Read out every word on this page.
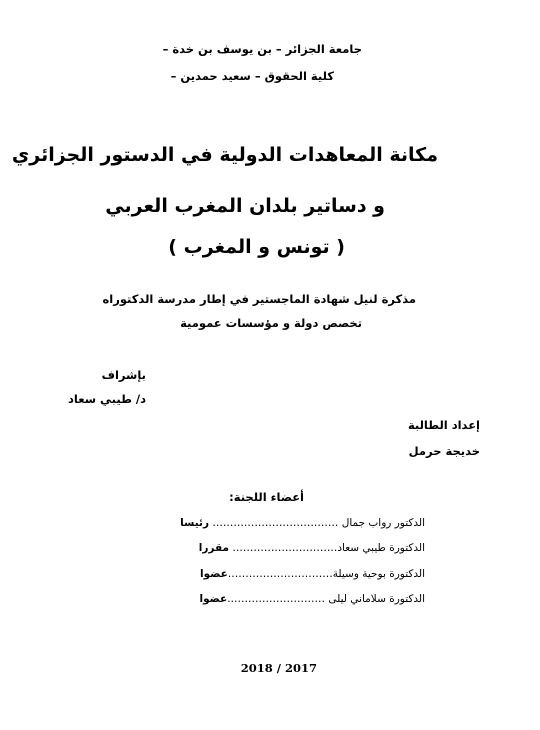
جامعة الجزائر – بن يوسف بن خدة –
كلية الحقوق – سعيد حمدين –
مكانة المعاهدات الدولية في الدستور الجزائري
و دساتير بلدان المغرب العربي
( تونس و المغرب )
مذكرة لنيل شهادة الماجستير في إطار مدرسة الدكتوراه
تخصص دولة و مؤسسات عمومية
بإشراف
د/ طيبي سعاد
إعداد الطالبة
خديجة حرمل
أعضاء اللجنة:
الدكتور رواب جمال ……………………………… رئيسا
الدكتورة طيبي سعاد………………………… مقررا
الدكتورة بوحية وسيلة…………………………عضوا
الدكتورة سلاماني ليلى ……………………….عضوا
2018 / 2017
